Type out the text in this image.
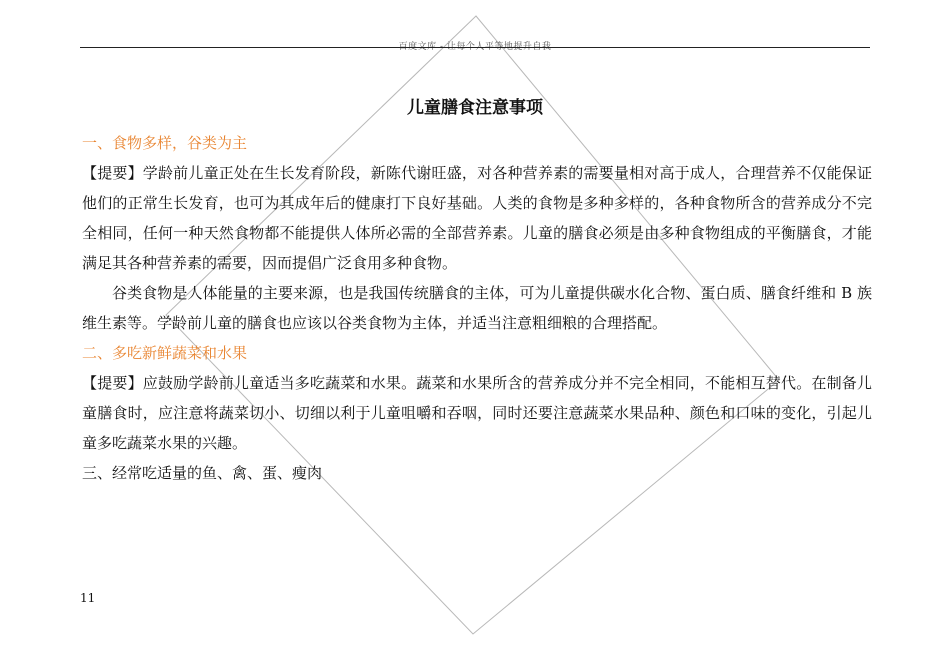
百度文库 - 让每个人平等地提升自我
儿童膳食注意事项
一、食物多样，谷类为主

【提要】学龄前儿童正处在生长发育阶段，新陈代谢旺盛，对各种营养素的需要量相对高于成人，合理营养不仅能保证他们的正常生长发育，也可为其成年后的健康打下良好基础。人类的食物是多种多样的，各种食物所含的营养成分不完全相同，任何一种天然食物都不能提供人体所必需的全部营养素。儿童的膳食必须是由多种食物组成的平衡膳食，才能满足其各种营养素的需要，因而提倡广泛食用多种食物。

谷类食物是人体能量的主要来源，也是我国传统膳食的主体，可为儿童提供碳水化合物、蛋白质、膳食纤维和 B 族维生素等。学龄前儿童的膳食也应该以谷类食物为主体，并适当注意粗细粮的合理搭配。

二、多吃新鲜蔬菜和水果

【提要】应鼓励学龄前儿童适当多吃蔬菜和水果。蔬菜和水果所含的营养成分并不完全相同，不能相互替代。在制备儿童膳食时，应注意将蔬菜切小、切细以利于儿童咀嚼和吞咽，同时还要注意蔬菜水果品种、颜色和口味的变化，引起儿童多吃蔬菜水果的兴趣。

三、经常吃适量的鱼、禽、蛋、瘦肉
11
